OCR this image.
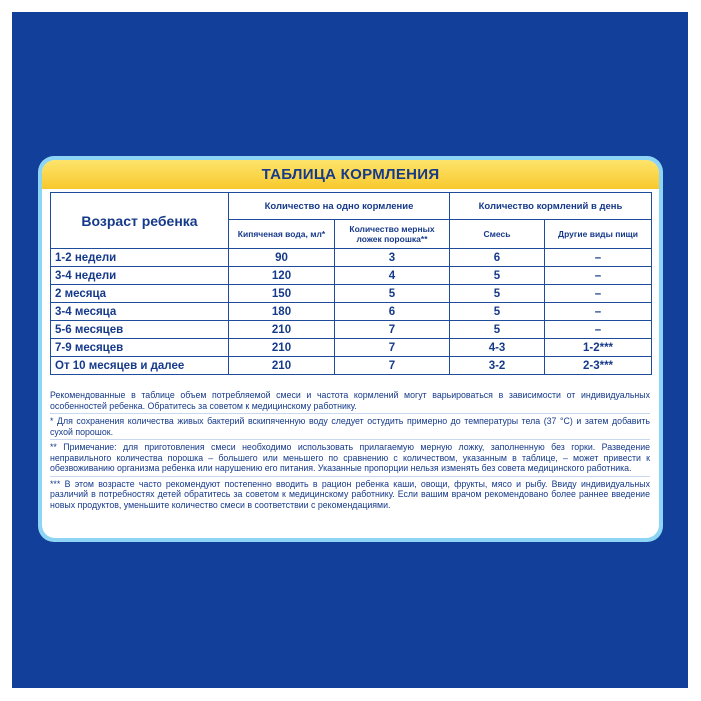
ТАБЛИЦА КОРМЛЕНИЯ
Возраст ребенка	Количество на одно кормление		Количество кормлений в день	
	Кипяченая вода, мл*	Количество мерных ложек порошка**	Смесь	Другие виды пищи
1-2 недели	90	3	6	–
3-4 недели	120	4	5	–
2 месяца	150	5	5	–
3-4 месяца	180	6	5	–
5-6 месяцев	210	7	5	–
7-9 месяцев	210	7	4-3	1-2***
От 10 месяцев и далее	210	7	3-2	2-3***

Рекомендованные в таблице объем потребляемой смеси и частота кормлений могут варьироваться в зависимости от индивидуальных особенностей ребенка. Обратитесь за советом к медицинскому работнику.

* Для сохранения количества живых бактерий вскипяченную воду следует остудить примерно до температуры тела (37 °C) и затем добавить сухой порошок.

** Примечание: для приготовления смеси необходимо использовать прилагаемую мерную ложку, заполненную без горки. Разведение неправильного количества порошка – большего или меньшего по сравнению с количеством, указанным в таблице, – может привести к обезвоживанию организма ребенка или нарушению его питания. Указанные пропорции нельзя изменять без совета медицинского работника.

*** В этом возрасте часто рекомендуют постепенно вводить в рацион ребенка каши, овощи, фрукты, мясо и рыбу. Ввиду индивидуальных различий в потребностях детей обратитесь за советом к медицинскому работнику. Если вашим врачом рекомендовано более раннее введение новых продуктов, уменьшите количество смеси в соответствии с рекомендациями.
